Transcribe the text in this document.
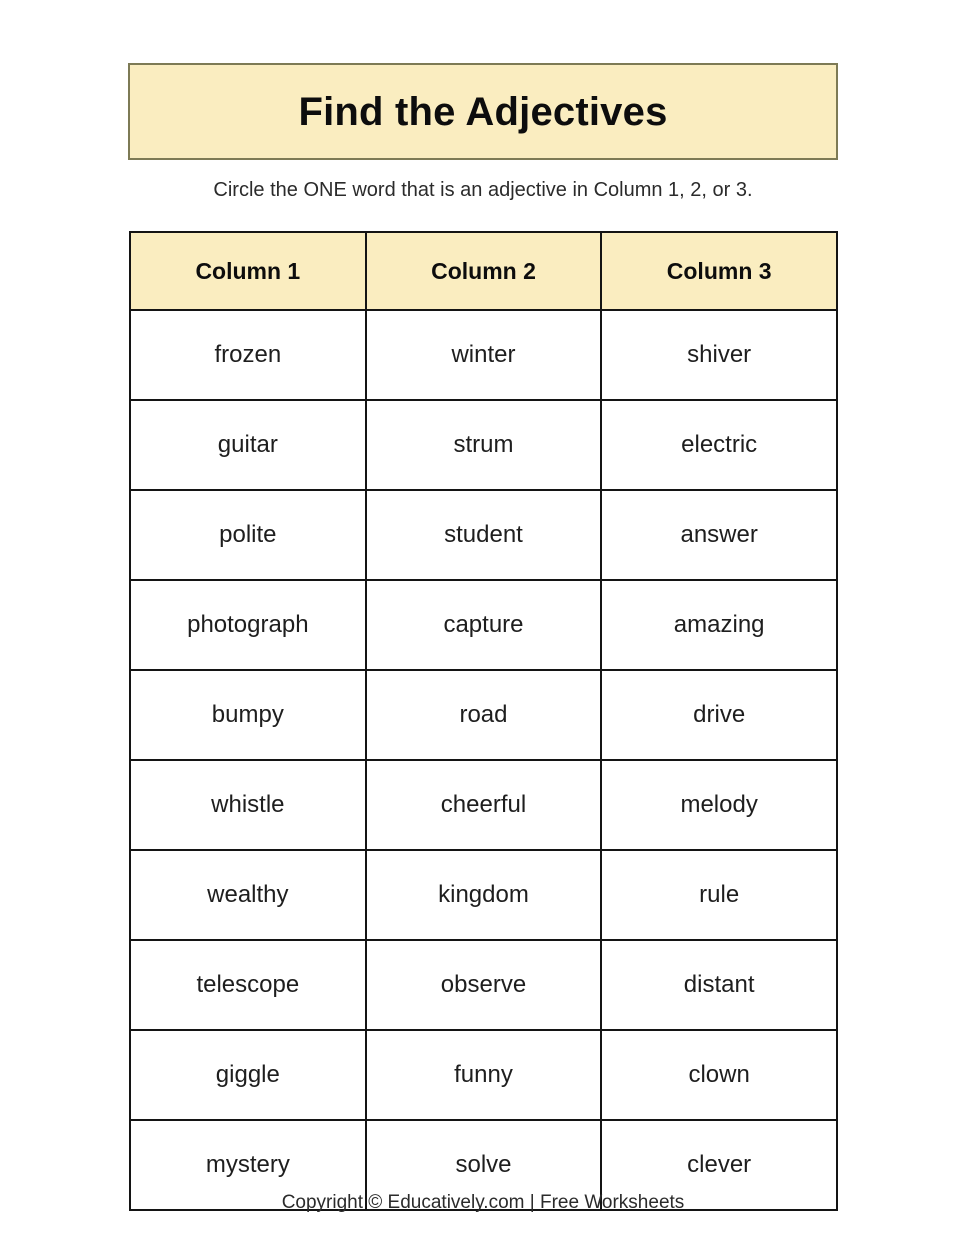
Find the Adjectives
Circle the ONE word that is an adjective in Column 1, 2, or 3.
Column 1	Column 2	Column 3
frozen	winter	shiver
guitar	strum	electric
polite	student	answer
photograph	capture	amazing
bumpy	road	drive
whistle	cheerful	melody
wealthy	kingdom	rule
telescope	observe	distant
giggle	funny	clown
mystery	solve	clever
Copyright © Educatively.com | Free Worksheets
